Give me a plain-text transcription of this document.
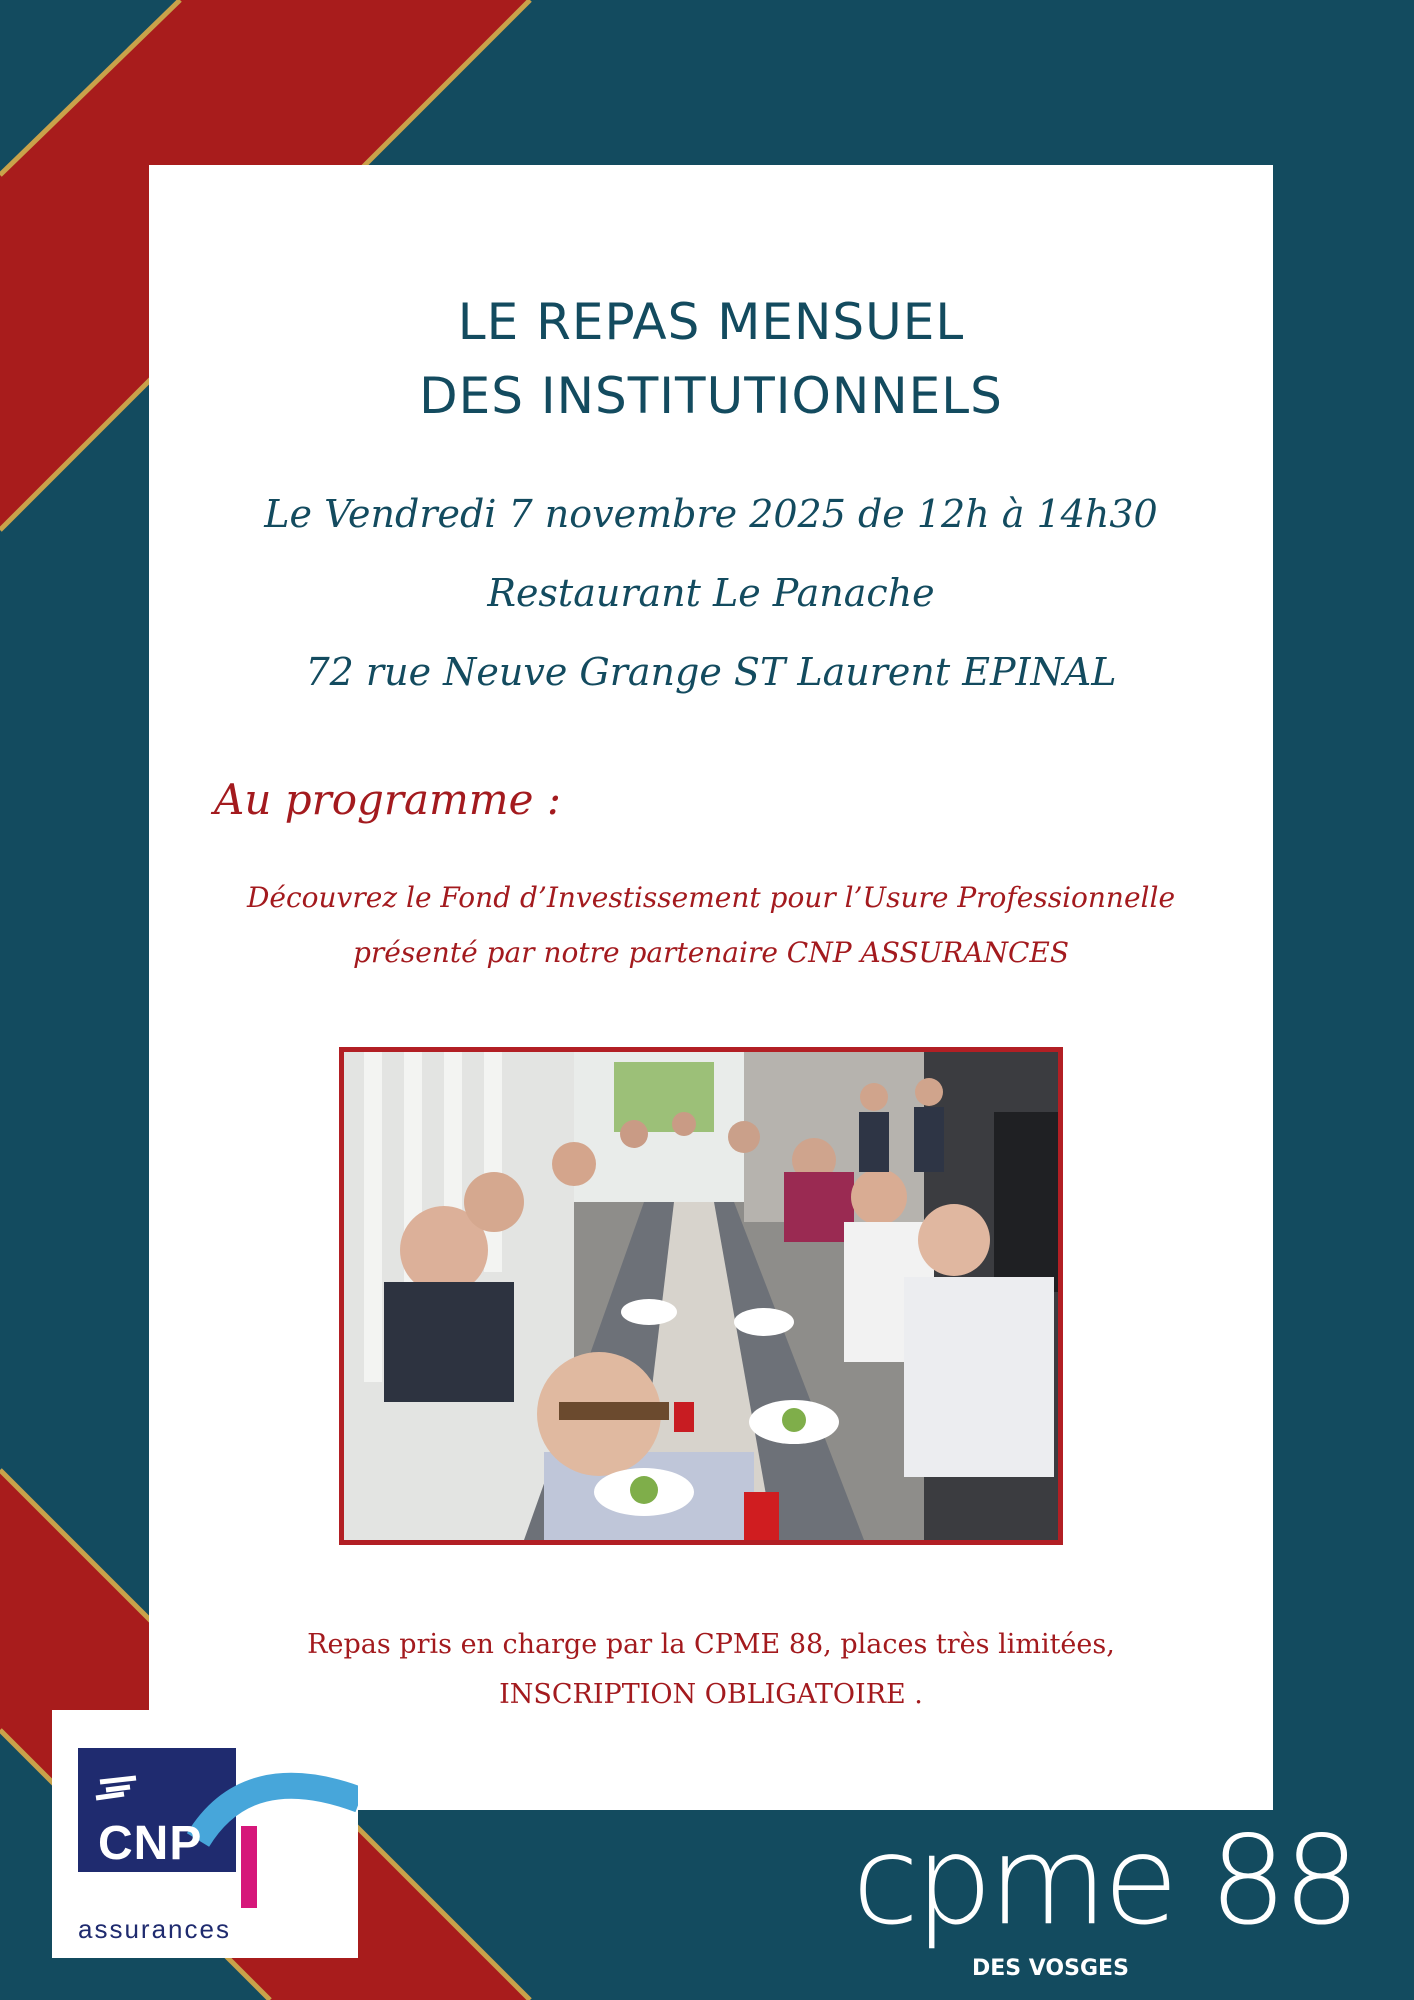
LE REPAS MENSUEL
DES INSTITUTIONNELS
Le Vendredi 7 novembre 2025 de 12h à 14h30
Restaurant Le Panache
72 rue Neuve Grange ST Laurent EPINAL
Au programme :
Découvrez le Fond d’Investissement pour l’Usure Professionnelle
présenté par notre partenaire CNP ASSURANCES
Repas pris en charge par la CPME 88, places très limitées,
INSCRIPTION OBLIGATOIRE .
CNP
assurances	cpme 88
DES VOSGES
